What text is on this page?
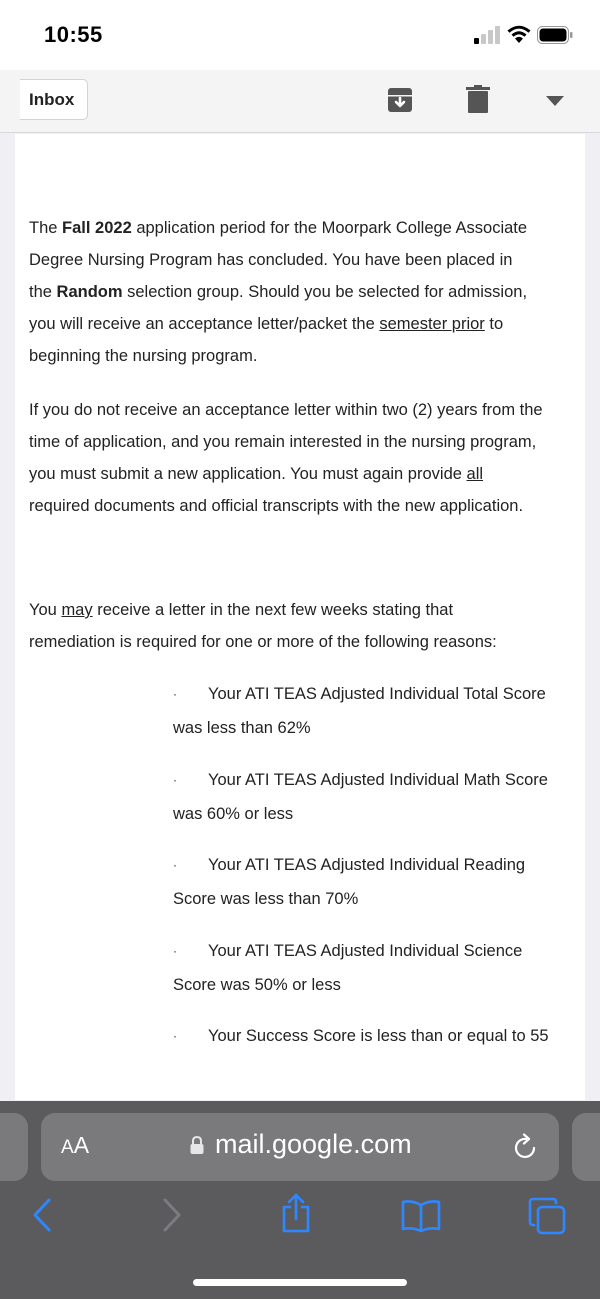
10:55
Inbox
The Fall 2022 application period for the Moorpark College Associate
Degree Nursing Program has concluded. You have been placed in
the Random selection group. Should you be selected for admission,
you will receive an acceptance letter/packet the semester prior to
beginning the nursing program.
If you do not receive an acceptance letter within two (2) years from the
time of application, and you remain interested in the nursing program,
you must submit a new application. You must again provide all
required documents and official transcripts with the new application.
You may receive a letter in the next few weeks stating that
remediation is required for one or more of the following reasons:
·	Your ATI TEAS Adjusted Individual Total Score
was less than 62%
·	Your ATI TEAS Adjusted Individual Math Score
was 60% or less
·	Your ATI TEAS Adjusted Individual Reading
Score was less than 70%
·	Your ATI TEAS Adjusted Individual Science
Score was 50% or less
·	Your Success Score is less than or equal to 55
AA	mail.google.com
